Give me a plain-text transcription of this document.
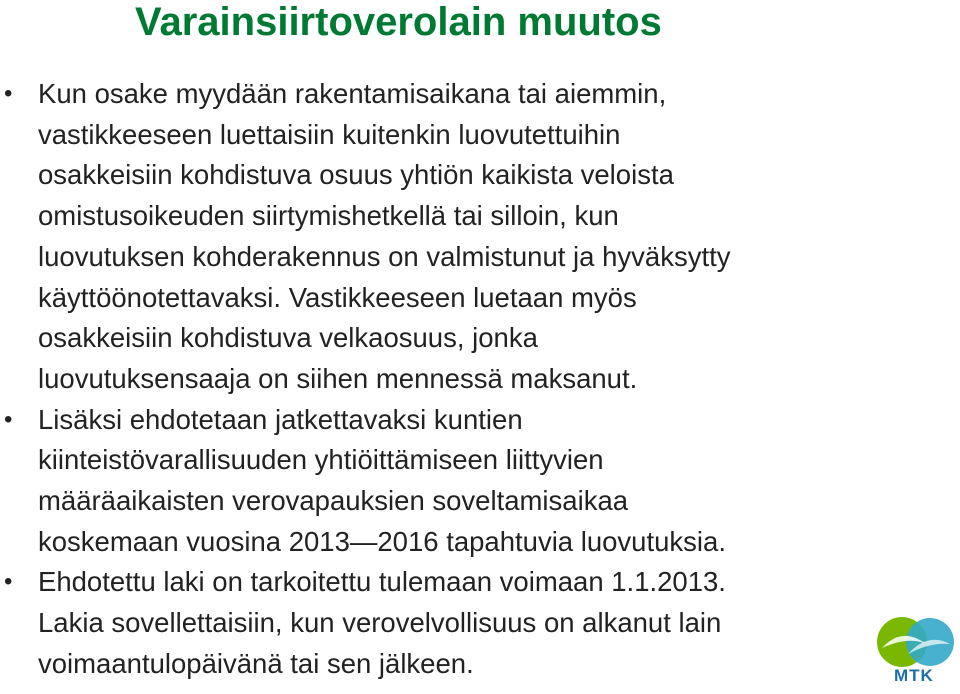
Varainsiirtoverolain muutos
• Kun osake myydään rakentamisaikana tai aiemmin,
vastikkeeseen luettaisiin kuitenkin luovutettuihin
osakkeisiin kohdistuva osuus yhtiön kaikista veloista
omistusoikeuden siirtymishetkellä tai silloin, kun
luovutuksen kohderakennus on valmistunut ja hyväksytty
käyttöönotettavaksi. Vastikkeeseen luetaan myös
osakkeisiin kohdistuva velkaosuus, jonka
luovutuksensaaja on siihen mennessä maksanut.
• Lisäksi ehdotetaan jatkettavaksi kuntien
kiinteistövarallisuuden yhtiöittämiseen liittyvien
määräaikaisten verovapauksien soveltamisaikaa
koskemaan vuosina 2013—2016 tapahtuvia luovutuksia.
• Ehdotettu laki on tarkoitettu tulemaan voimaan 1.1.2013.
Lakia sovellettaisiin, kun verovelvollisuus on alkanut lain
voimaantulopäivänä tai sen jälkeen.	MTK
